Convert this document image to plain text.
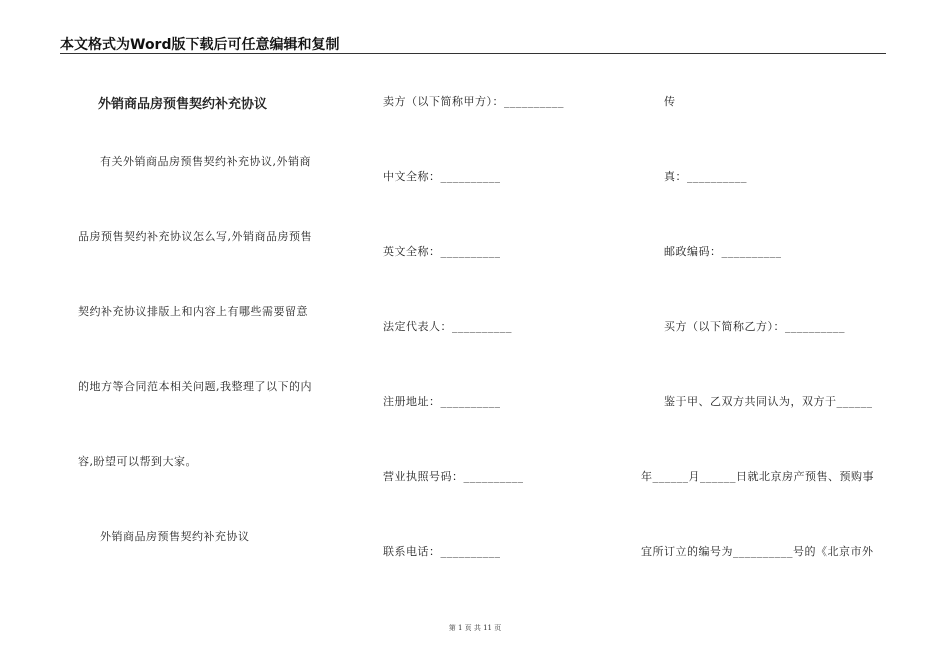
本文格式为Word版下载后可任意编辑和复制
外销商品房预售契约补充协议
有关外销商品房预售契约补充协议,外销商
品房预售契约补充协议怎么写,外销商品房预售
契约补充协议排版上和内容上有哪些需要留意
的地方等合同范本相关问题,我整理了以下的内
容,盼望可以帮到大家。
外销商品房预售契约补充协议
卖方（以下简称甲方）：__________
中文全称：__________
英文全称：__________
法定代表人：__________
注册地址：__________
营业执照号码：__________
联系电话：__________
传
真：__________
邮政编码：__________
买方（以下简称乙方）：__________
鉴于甲、乙双方共同认为，双方于______
年______月______日就北京房产预售、预购事
宜所订立的编号为__________号的《北京市外
第 1 页 共 11 页
